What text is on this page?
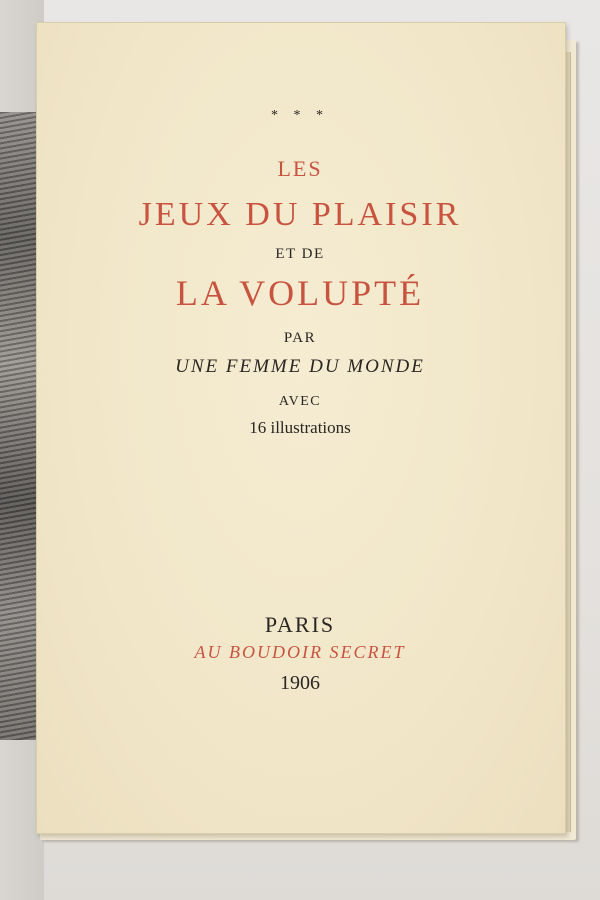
* * *
LES
JEUX DU PLAISIR
ET DE
LA VOLUPTÉ
PAR
UNE FEMME DU MONDE
AVEC
16 illustrations
PARIS
AU BOUDOIR SECRET
1906
